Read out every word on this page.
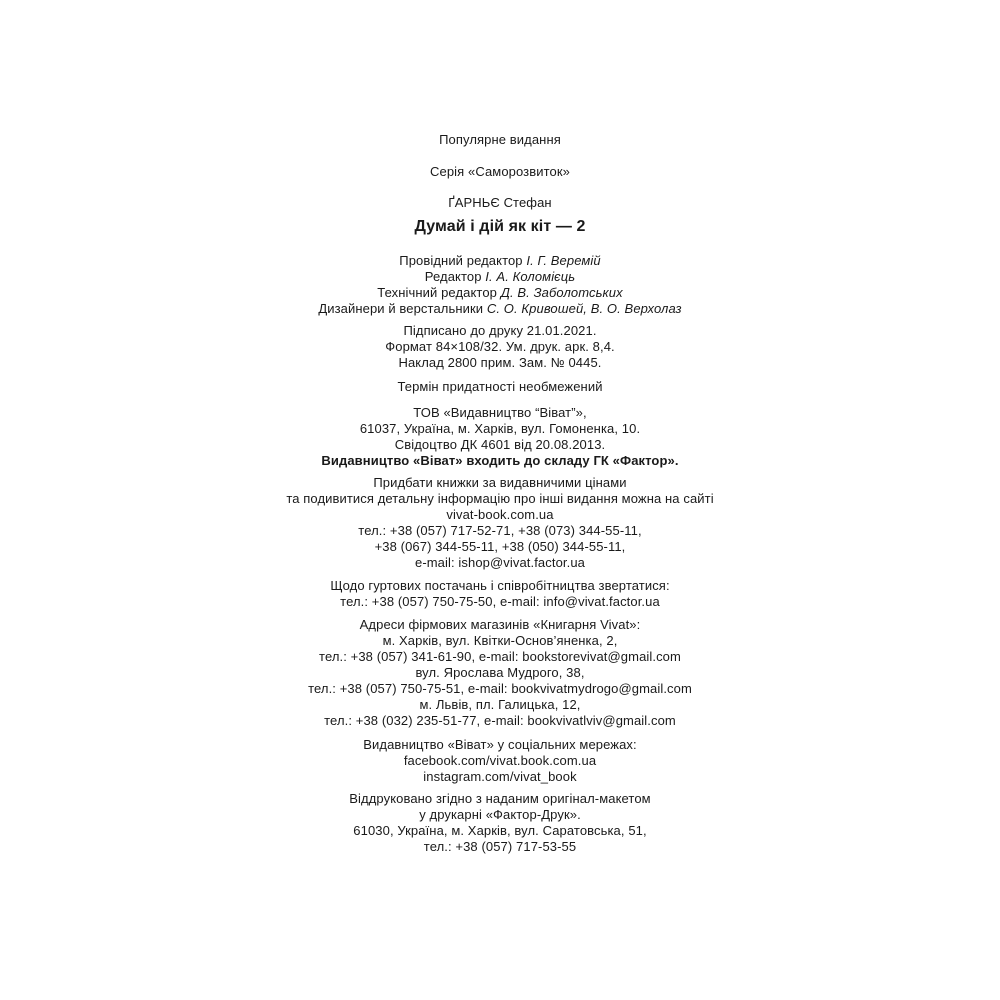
Популярне видання
Серія «Саморозвиток»
ҐАРНЬЄ Стефан
Думай і дій як кіт — 2
Провідний редактор І. Г. Веремій
Редактор І. А. Коломієць
Технічний редактор Д. В. Заболотських
Дизайнери й верстальники С. О. Кривошей, В. О. Верхолаз
Підписано до друку 21.01.2021.
Формат 84×108/32. Ум. друк. арк. 8,4.
Наклад 2800 прим. Зам. № 0445.
Термін придатності необмежений
ТОВ «Видавництво “Віват”»,
61037, Україна, м. Харків, вул. Гомоненка, 10.
Свідоцтво ДК 4601 від 20.08.2013.
Видавництво «Віват» входить до складу ГК «Фактор».
Придбати книжки за видавничими цінами
та подивитися детальну інформацію про інші видання можна на сайті
vivat-book.com.ua
тел.: +38 (057) 717-52-71, +38 (073) 344-55-11,
+38 (067) 344-55-11, +38 (050) 344-55-11,
e-mail: ishop@vivat.factor.ua
Щодо гуртових постачань і співробітництва звертатися:
тел.: +38 (057) 750-75-50, e-mail: info@vivat.factor.ua
Адреси фірмових магазинів «Книгарня Vivat»:
м. Харків, вул. Квітки-Основ’яненка, 2,
тел.: +38 (057) 341-61-90, e-mail: bookstorevivat@gmail.com
вул. Ярослава Мудрого, 38,
тел.: +38 (057) 750-75-51, e-mail: bookvivatmydrogo@gmail.com
м. Львів, пл. Галицька, 12,
тел.: +38 (032) 235-51-77, e-mail: bookvivatlviv@gmail.com
Видавництво «Віват» у соціальних мережах:
facebook.com/vivat.book.com.ua
instagram.com/vivat_book
Віддруковано згідно з наданим оригінал-макетом
у друкарні «Фактор-Друк».
61030, Україна, м. Харків, вул. Саратовська, 51,
тел.: +38 (057) 717-53-55
